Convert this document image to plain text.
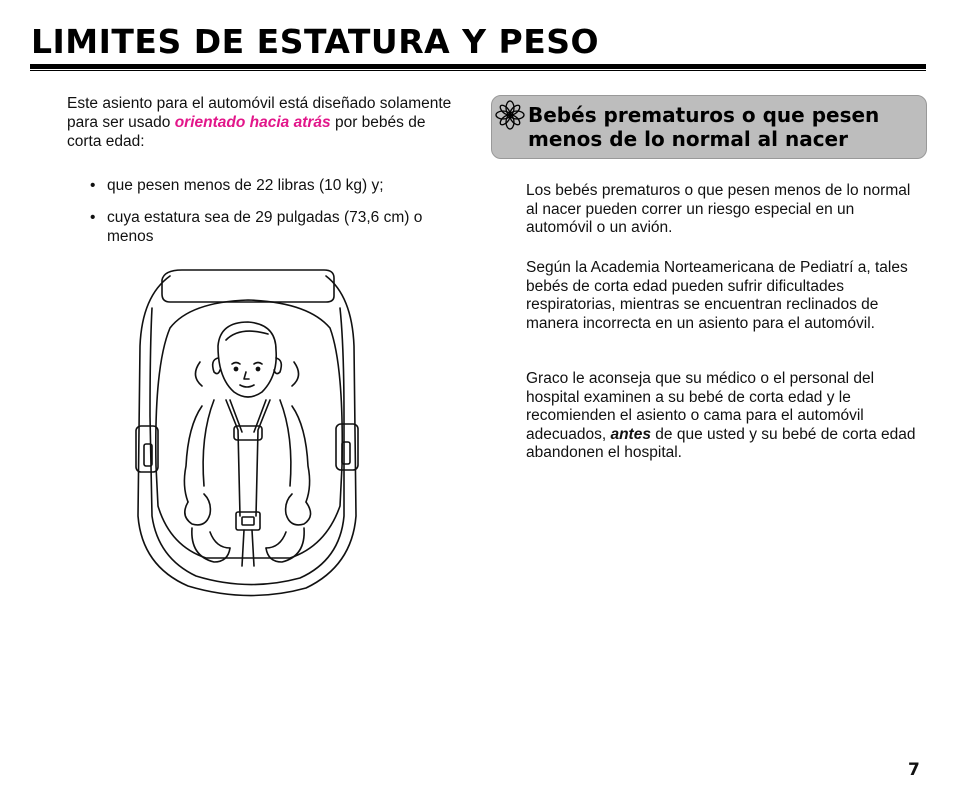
LIMITES DE ESTATURA Y PESO
Este asiento para el automóvil está diseñado solamente para ser usado orientado hacia atrás por bebés de corta edad:
• que pesen menos de 22 libras (10 kg) y;
• cuya estatura sea de 29 pulgadas (73,6 cm) o menos
Bebés prematuros o que pesen menos de lo normal al nacer
Los bebés prematuros o que pesen menos de lo normal al nacer pueden correr un riesgo especial en un automóvil o un avión.
Según la Academia Norteamericana de Pediatrí a, tales bebés de corta edad pueden sufrir dificultades respiratorias, mientras se encuentran reclinados de manera incorrecta en un asiento para el automóvil.
Graco le aconseja que su médico o el personal del hospital examinen a su bebé de corta edad y le recomienden el asiento o cama para el automóvil adecuados, antes de que usted y su bebé de corta edad abandonen el hospital.
7
